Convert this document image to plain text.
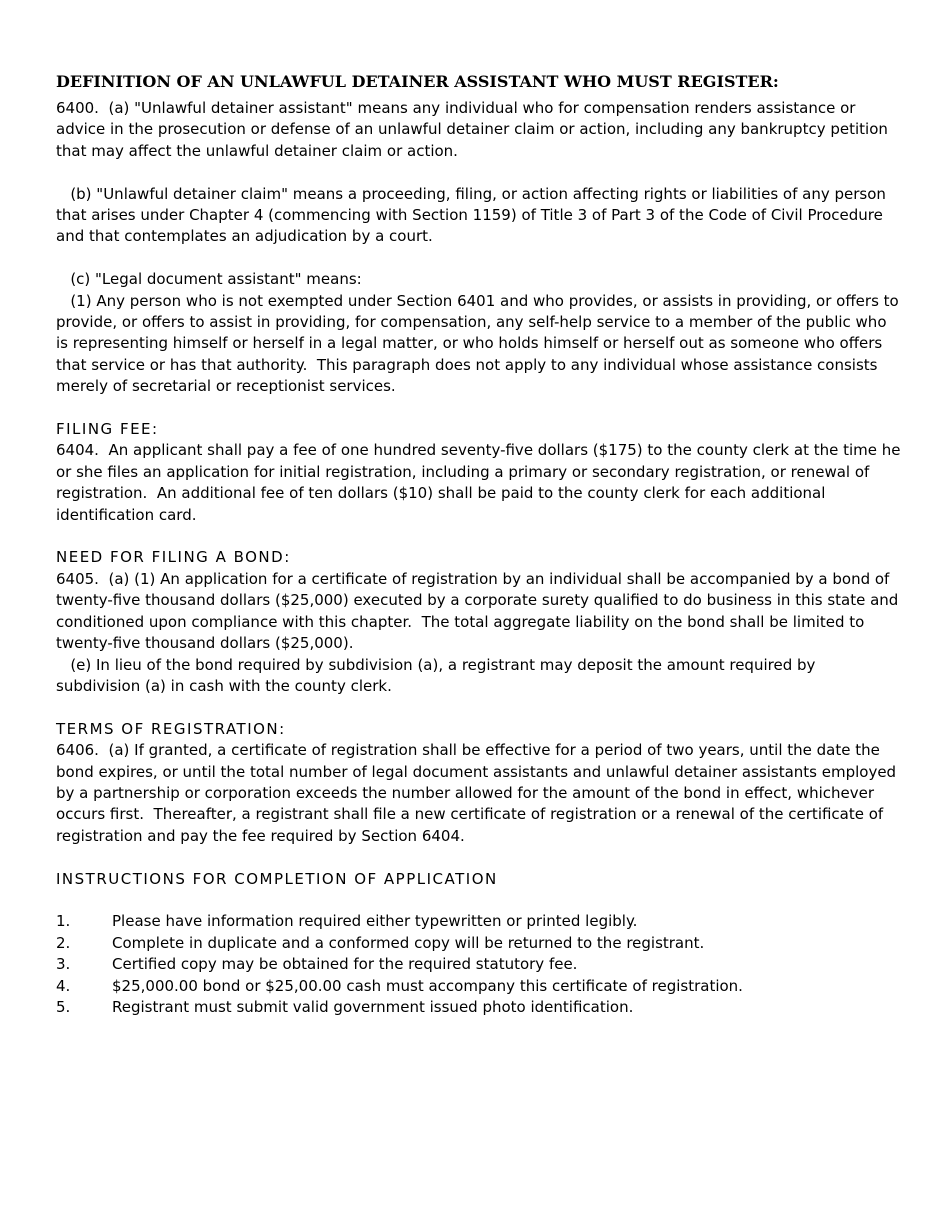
DEFINITION OF AN UNLAWFUL DETAINER ASSISTANT WHO MUST REGISTER:

6400.  (a) "Unlawful detainer assistant" means any individual who for compensation renders assistance or advice in the prosecution or defense of an unlawful detainer claim or action, including any bankruptcy petition that may affect the unlawful detainer claim or action.

(b) "Unlawful detainer claim" means a proceeding, filing, or action affecting rights or liabilities of any person that arises under Chapter 4 (commencing with Section 1159) of Title 3 of Part 3 of the Code of Civil Procedure and that contemplates an adjudication by a court.

(c) "Legal document assistant" means:

(1) Any person who is not exempted under Section 6401 and who provides, or assists in providing, or offers to provide, or offers to assist in providing, for compensation, any self-help service to a member of the public who is representing himself or herself in a legal matter, or who holds himself or herself out as someone who offers that service or has that authority.  This paragraph does not apply to any individual whose assistance consists merely of secretarial or receptionist services.

FILING FEE:

6404.  An applicant shall pay a fee of one hundred seventy-five dollars ($175) to the county clerk at the time he or she files an application for initial registration, including a primary or secondary registration, or renewal of registration.  An additional fee of ten dollars ($10) shall be paid to the county clerk for each additional identification card.

NEED FOR FILING A BOND:

6405.  (a) (1) An application for a certificate of registration by an individual shall be accompanied by a bond of twenty-five thousand dollars ($25,000) executed by a corporate surety qualified to do business in this state and conditioned upon compliance with this chapter.  The total aggregate liability on the bond shall be limited to twenty-five thousand dollars ($25,000).

(e) In lieu of the bond required by subdivision (a), a registrant may deposit the amount required by subdivision (a) in cash with the county clerk.

TERMS OF REGISTRATION:

6406.  (a) If granted, a certificate of registration shall be effective for a period of two years, until the date the bond expires, or until the total number of legal document assistants and unlawful detainer assistants employed by a partnership or corporation exceeds the number allowed for the amount of the bond in effect, whichever occurs first.  Thereafter, a registrant shall file a new certificate of registration or a renewal of the certificate of registration and pay the fee required by Section 6404.

INSTRUCTIONS FOR COMPLETION OF APPLICATION

1.	Please have information required either typewritten or printed legibly.
2.	Complete in duplicate and a conformed copy will be returned to the registrant.
3.	Certified copy may be obtained for the required statutory fee.
4.	$25,000.00 bond or $25,00.00 cash must accompany this certificate of registration.
5.	Registrant must submit valid government issued photo identification.
